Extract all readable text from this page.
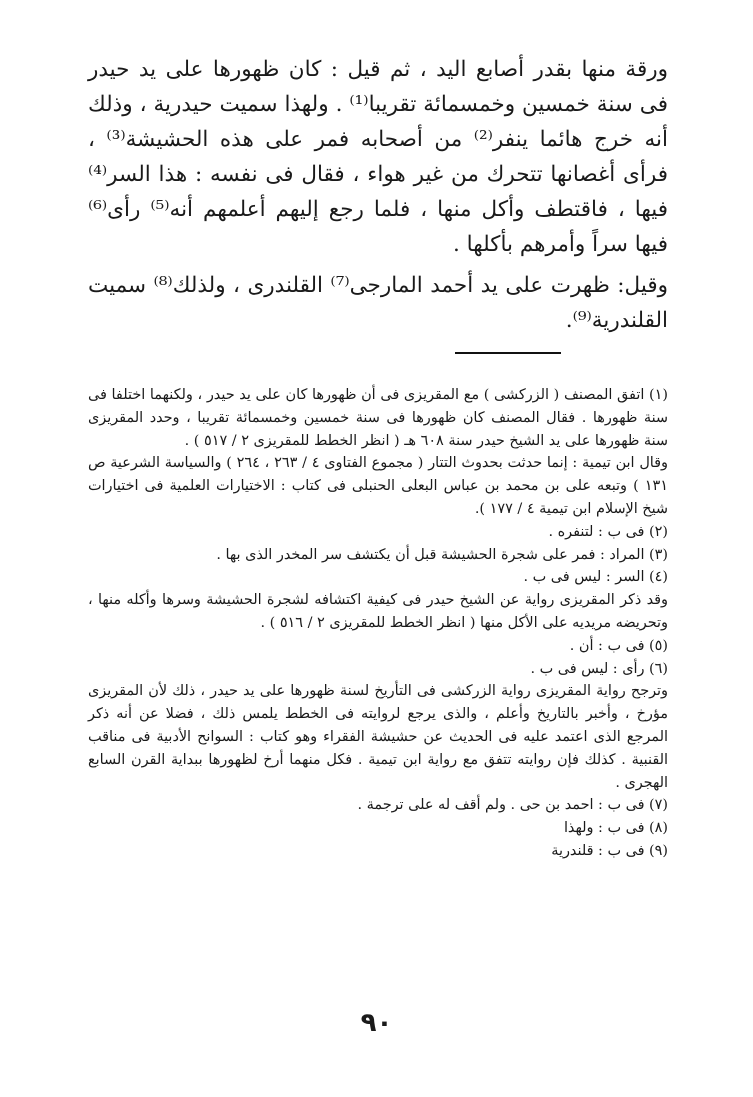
ورقة منها بقدر أصابع اليد ، ثم قيل : كان ظهورها على يد حيدر فى سنة خمسين وخمسمائة تقريبا⁽¹⁾ . ولهذا سميت حيدرية ، وذلك أنه خرج هائما ينفر⁽²⁾ من أصحابه فمر على هذه الحشيشة⁽³⁾ ، فرأى أغصانها تتحرك من غير هواء ، فقال فى نفسه : هذا السر⁽⁴⁾ فيها ، فاقتطف وأكل منها ، فلما رجع إليهم أعلمهم أنه⁽⁵⁾ رأى⁽⁶⁾ فيها سراً وأمرهم بأكلها .

وقيل: ظهرت على يد أحمد المارجى⁽⁷⁾ القلندرى ، ولذلك⁽⁸⁾ سميت القلندرية⁽⁹⁾.

(١) اتفق المصنف ( الزركشى ) مع المقريزى فى أن ظهورها كان على يد حيدر ، ولكنهما اختلفا فى سنة ظهورها . فقال المصنف كان ظهورها فى سنة خمسين وخمسمائة تقريبا ، وحدد المقريزى سنة ظهورها على يد الشيخ حيدر سنة ٦٠٨ هـ ( انظر الخطط للمقريزى ٢ / ٥١٧ ) .

وقال ابن تيمية : إنما حدثت بحدوث التتار ( مجموع الفتاوى ٤ / ٢٦٣ ، ٢٦٤ ) والسياسة الشرعية ص ١٣١ ) وتبعه على بن محمد بن عباس البعلى الحنبلى فى كتاب : الاختيارات العلمية فى اختيارات شيخ الإسلام ابن تيمية ٤ / ١٧٧ ).

(٢) فى ب : لتنفره .

(٣) المراد : فمر على شجرة الحشيشة قبل أن يكتشف سر المخدر الذى بها .

(٤) السر : ليس فى ب .

وقد ذكر المقريزى رواية عن الشيخ حيدر فى كيفية اكتشافه لشجرة الحشيشة وسرها وأكله منها ، وتحريضه مريديه على الأكل منها ( انظر الخطط للمقريزى ٢ / ٥١٦ ) .

(٥) فى ب : أن .

(٦) رأى : ليس فى ب .

وترجح رواية المقريزى رواية الزركشى فى التأريخ لسنة ظهورها على يد حيدر ، ذلك لأن المقريزى مؤرخ ، وأخبر بالتاريخ وأعلم ، والذى يرجع لروايته فى الخطط يلمس ذلك ، فضلا عن أنه ذكر المرجع الذى اعتمد عليه فى الحديث عن حشيشة الفقراء وهو كتاب : السوانح الأدبية فى مناقب القنبية . كذلك فإن روايته تتفق مع رواية ابن تيمية . فكل منهما أرخ لظهورها ببداية القرن السابع الهجرى .

(٧) فى ب : احمد بن حى . ولم أقف له على ترجمة .

(٨) فى ب : ولهذا

(٩) فى ب : قلندرية

٩٠
